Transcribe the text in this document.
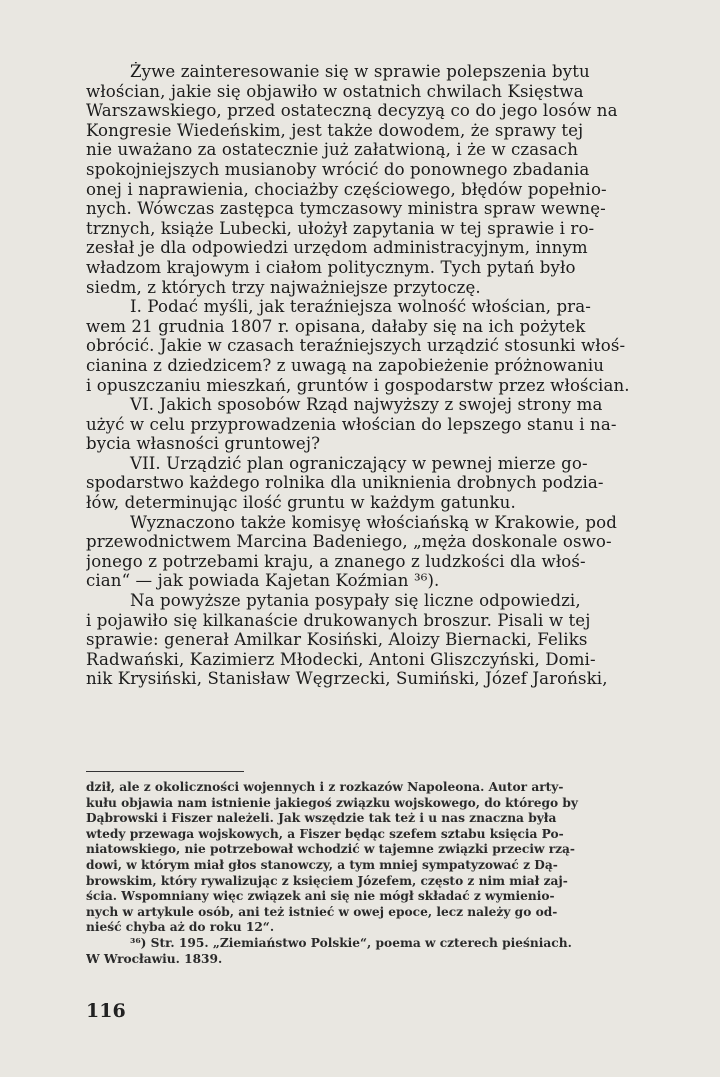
Żywe zainteresowanie się w sprawie polepszenia bytu
włościan, jakie się objawiło w ostatnich chwilach Księstwa
Warszawskiego, przed ostateczną decyzyą co do jego losów na
Kongresie Wiedeńskim, jest także dowodem, że sprawy tej
nie uważano za ostatecznie już załatwioną, i że w czasach
spokojniejszych musianoby wrócić do ponownego zbadania
onej i naprawienia, chociażby częściowego, błędów popełnio-
nych. Wówczas zastępca tymczasowy ministra spraw wewnę-
trznych, książe Lubecki, ułożył zapytania w tej sprawie i ro-
zesłał je dla odpowiedzi urzędom administracyjnym, innym
władzom krajowym i ciałom politycznym. Tych pytań było
siedm, z których trzy najważniejsze przytoczę.
I. Podać myśli, jak teraźniejsza wolność włościan, pra-
wem 21 grudnia 1807 r. opisana, dałaby się na ich pożytek
obrócić. Jakie w czasach teraźniejszych urządzić stosunki włoś-
cianina z dziedzicem? z uwagą na zapobieżenie próżnowaniu
i opuszczaniu mieszkań, gruntów i gospodarstw przez włościan.
VI. Jakich sposobów Rząd najwyższy z swojej strony ma
użyć w celu przyprowadzenia włościan do lepszego stanu i na-
bycia własności gruntowej?
VII. Urządzić plan ograniczający w pewnej mierze go-
spodarstwo każdego rolnika dla uniknienia drobnych podzia-
łów, determinując ilość gruntu w każdym gatunku.
Wyznaczono także komisyę włościańską w Krakowie, pod
przewodnictwem Marcina Badeniego, „męża doskonale oswo-
jonego z potrzebami kraju, a znanego z ludzkości dla włoś-
cian“ — jak powiada Kajetan Koźmian ³⁶).
Na powyższe pytania posypały się liczne odpowiedzi,
i pojawiło się kilkanaście drukowanych broszur. Pisali w tej
sprawie: generał Amilkar Kosiński, Aloizy Biernacki, Feliks
Radwański, Kazimierz Młodecki, Antoni Gliszczyński, Domi-
nik Krysiński, Stanisław Węgrzecki, Sumiński, Józef Jaroński,
dził, ale z okoliczności wojennych i z rozkazów Napoleona. Autor arty-
kułu objawia nam istnienie jakiegoś związku wojskowego, do którego by
Dąbrowski i Fiszer należeli. Jak wszędzie tak też i u nas znaczna była
wtedy przewaga wojskowych, a Fiszer będąc szefem sztabu księcia Po-
niatowskiego, nie potrzebował wchodzić w tajemne związki przeciw rzą-
dowi, w którym miał głos stanowczy, a tym mniej sympatyzować z Dą-
browskim, który rywalizując z księciem Józefem, często z nim miał zaj-
ścia. Wspomniany więc związek ani się nie mógł składać z wymienio-
nych w artykule osób, ani też istnieć w owej epoce, lecz należy go od-
nieść chyba aż do roku 12“.
³⁶) Str. 195. „Ziemiaństwo Polskie“, poema w czterech pieśniach.
W Wrocławiu. 1839.
116
